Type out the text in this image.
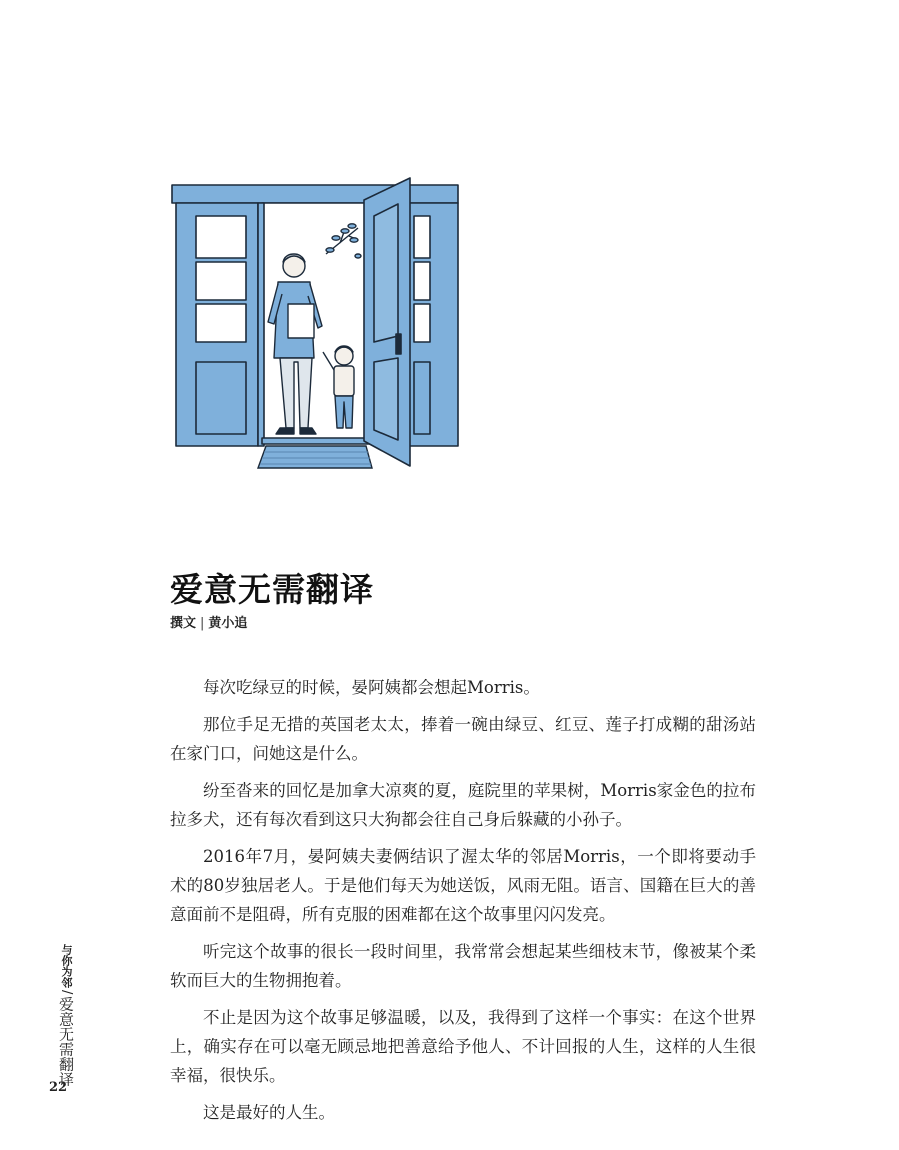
爱意无需翻译
撰文 | 黄小追

每次吃绿豆的时候，晏阿姨都会想起Morris。

那位手足无措的英国老太太，捧着一碗由绿豆、红豆、莲子打成糊的甜汤站在家门口，问她这是什么。

纷至沓来的回忆是加拿大凉爽的夏，庭院里的苹果树，Morris家金色的拉布拉多犬，还有每次看到这只大狗都会往自己身后躲藏的小孙子。

2016年7月，晏阿姨夫妻俩结识了渥太华的邻居Morris，一个即将要动手术的80岁独居老人。于是他们每天为她送饭，风雨无阻。语言、国籍在巨大的善意面前不是阻碍，所有克服的困难都在这个故事里闪闪发亮。

听完这个故事的很长一段时间里，我常常会想起某些细枝末节，像被某个柔软而巨大的生物拥抱着。

不止是因为这个故事足够温暖，以及，我得到了这样一个事实：在这个世界上，确实存在可以毫无顾忌地把善意给予他人、不计回报的人生，这样的人生很幸福，很快乐。

这是最好的人生。

与你为邻/爱意无需翻译
22
